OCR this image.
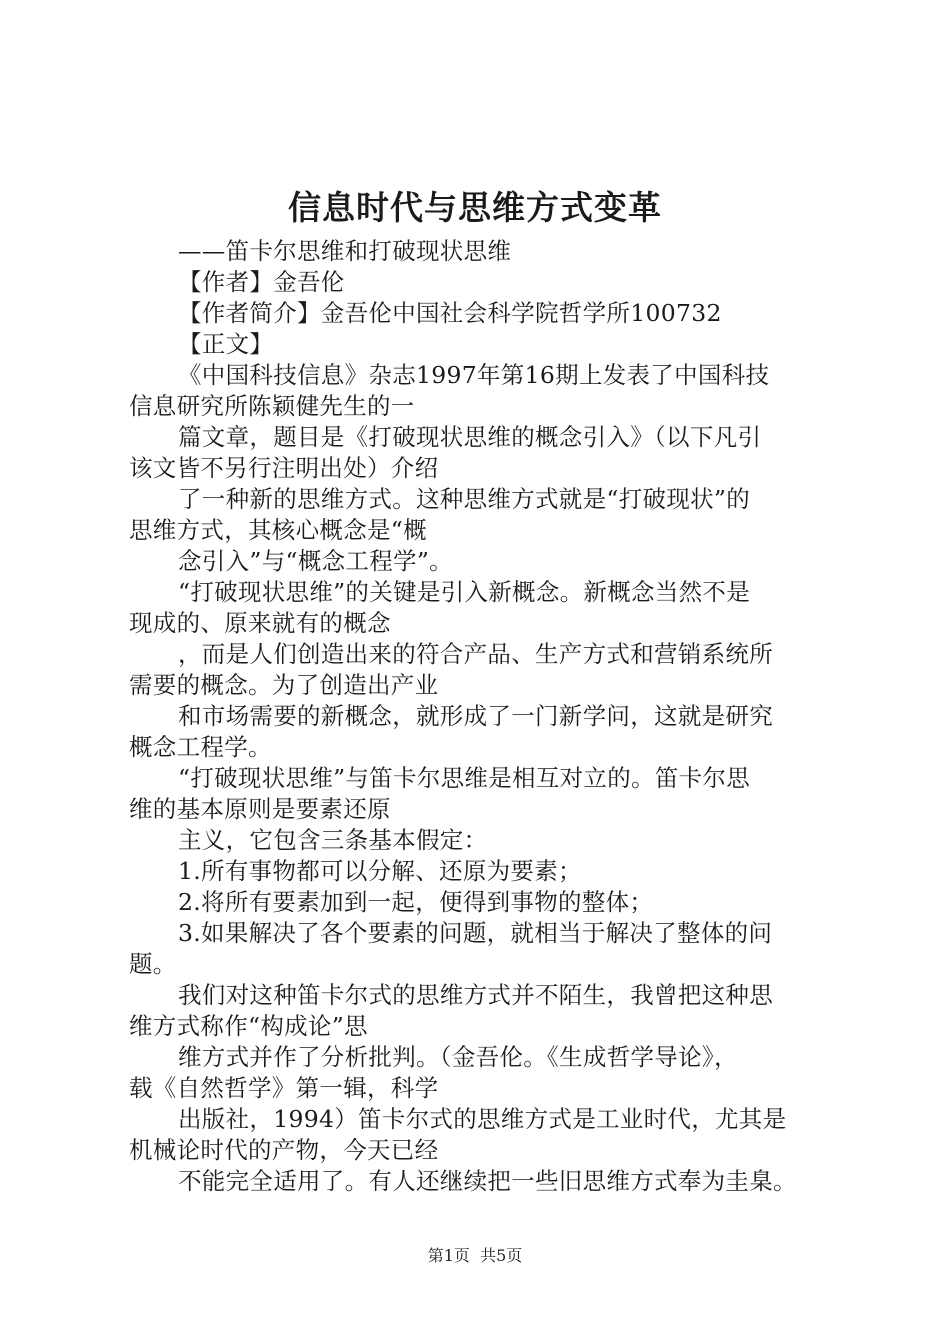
信息时代与思维方式变革

——笛卡尔思维和打破现状思维

【作者】金吾伦

【作者简介】金吾伦中国社会科学院哲学所100732

【正文】

《中国科技信息》杂志1997年第16期上发表了中国科技

信息研究所陈颖健先生的一

篇文章，题目是《打破现状思维的概念引入》（以下凡引

该文皆不另行注明出处）介绍

了一种新的思维方式。这种思维方式就是“打破现状”的

思维方式，其核心概念是“概

念引入”与“概念工程学”。

“打破现状思维”的关键是引入新概念。新概念当然不是

现成的、原来就有的概念

，而是人们创造出来的符合产品、生产方式和营销系统所

需要的概念。为了创造出产业

和市场需要的新概念，就形成了一门新学问，这就是研究

概念工程学。

“打破现状思维”与笛卡尔思维是相互对立的。笛卡尔思

维的基本原则是要素还原

主义，它包含三条基本假定：

1.所有事物都可以分解、还原为要素；

2.将所有要素加到一起，便得到事物的整体；

3.如果解决了各个要素的问题，就相当于解决了整体的问

题。

我们对这种笛卡尔式的思维方式并不陌生，我曾把这种思

维方式称作“构成论”思

维方式并作了分析批判。（金吾伦。《生成哲学导论》，

载《自然哲学》第一辑，科学

出版社，1994）笛卡尔式的思维方式是工业时代，尤其是

机械论时代的产物，今天已经

不能完全适用了。有人还继续把一些旧思维方式奉为圭臬。

第1页  共5页
